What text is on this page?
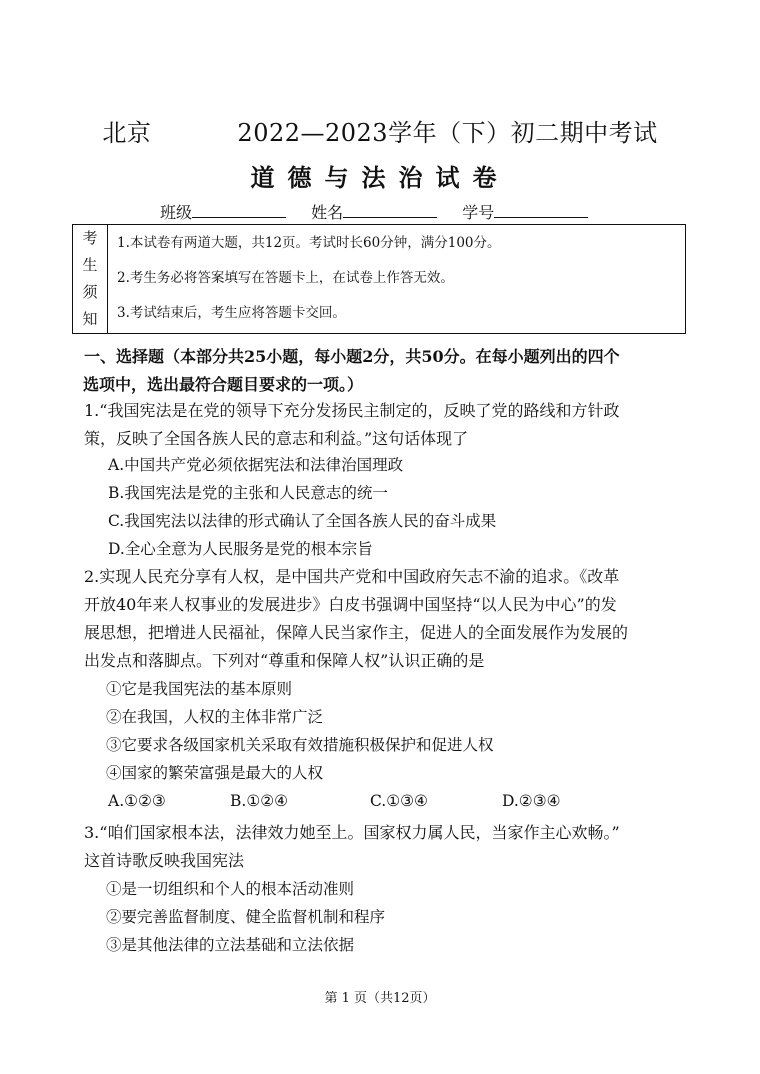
北京	2022—2023学年（下）初二期中考试
道德与法治试卷
班级	姓名	学号
考
生
须
知
1.本试卷有两道大题，共12页。考试时长60分钟，满分100分。
2.考生务必将答案填写在答题卡上，在试卷上作答无效。
3.考试结束后，考生应将答题卡交回。
一、选择题（本部分共25小题，每小题2分，共50分。在每小题列出的四个
选项中，选出最符合题目要求的一项。）
1.“我国宪法是在党的领导下充分发扬民主制定的，反映了党的路线和方针政
策，反映了全国各族人民的意志和利益。”这句话体现了
A.中国共产党必须依据宪法和法律治国理政
B.我国宪法是党的主张和人民意志的统一
C.我国宪法以法律的形式确认了全国各族人民的奋斗成果
D.全心全意为人民服务是党的根本宗旨
2.实现人民充分享有人权，是中国共产党和中国政府矢志不渝的追求。《改革
开放40年来人权事业的发展进步》白皮书强调中国坚持“以人民为中心”的发
展思想，把增进人民福祉，保障人民当家作主，促进人的全面发展作为发展的
出发点和落脚点。下列对“尊重和保障人权”认识正确的是
①它是我国宪法的基本原则
②在我国，人权的主体非常广泛
③它要求各级国家机关采取有效措施积极保护和促进人权
④国家的繁荣富强是最大的人权
A.①②③	B.①②④	C.①③④	D.②③④
3.“咱们国家根本法，法律效力她至上。国家权力属人民，当家作主心欢畅。”
这首诗歌反映我国宪法
①是一切组织和个人的根本活动准则
②要完善监督制度、健全监督机制和程序
③是其他法律的立法基础和立法依据
第 1 页（共12页）
